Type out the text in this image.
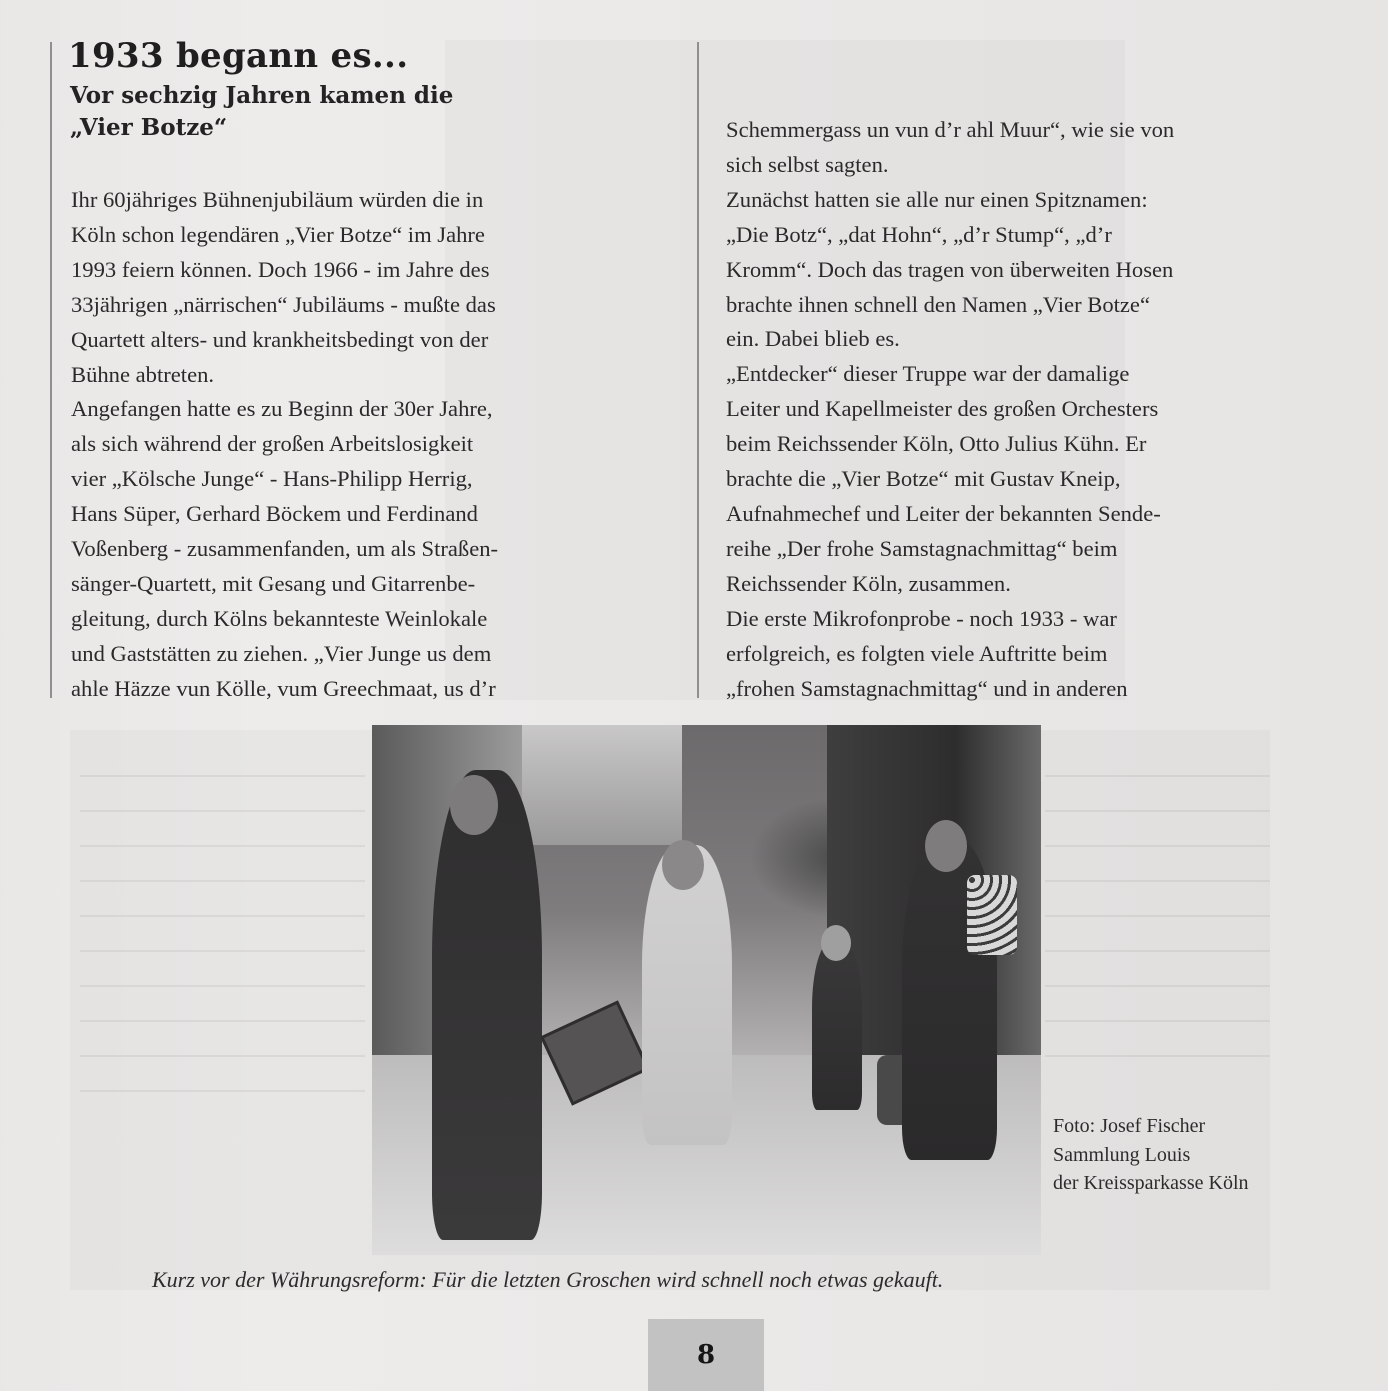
1933 begann es...
Vor sechzig Jahren kamen die
„Vier Botze“

Ihr 60jähriges Bühnenjubiläum würden die in

Köln schon legendären „Vier Botze“ im Jahre

1993 feiern können. Doch 1966 - im Jahre des

33jährigen „närrischen“ Jubiläums - mußte das

Quartett alters- und krankheitsbedingt von der

Bühne abtreten.

Angefangen hatte es zu Beginn der 30er Jahre,

als sich während der großen Arbeitslosigkeit

vier „Kölsche Junge“ - Hans-Philipp Herrig,

Hans Süper, Gerhard Böckem und Ferdinand

Voßenberg - zusammenfanden, um als Straßen-

sänger-Quartett, mit Gesang und Gitarrenbe-

gleitung, durch Kölns bekannteste Weinlokale

und Gaststätten zu ziehen. „Vier Junge us dem

ahle Häzze vun Kölle, vum Greechmaat, us d’r

Schemmergass un vun d’r ahl Muur“, wie sie von

sich selbst sagten.

Zunächst hatten sie alle nur einen Spitznamen:

„Die Botz“, „dat Hohn“, „d’r Stump“, „d’r

Kromm“. Doch das tragen von überweiten Hosen

brachte ihnen schnell den Namen „Vier Botze“

ein. Dabei blieb es.

„Entdecker“ dieser Truppe war der damalige

Leiter und Kapellmeister des großen Orchesters

beim Reichssender Köln, Otto Julius Kühn. Er

brachte die „Vier Botze“ mit Gustav Kneip,

Aufnahmechef und Leiter der bekannten Sende-

reihe „Der frohe Samstagnachmittag“ beim

Reichssender Köln, zusammen.

Die erste Mikrofonprobe - noch 1933 - war

erfolgreich, es folgten viele Auftritte beim

„frohen Samstagnachmittag“ und in anderen

Foto: Josef Fischer

Sammlung Louis

der Kreissparkasse Köln

Kurz vor der Währungsreform: Für die letzten Groschen wird schnell noch etwas gekauft.

8
